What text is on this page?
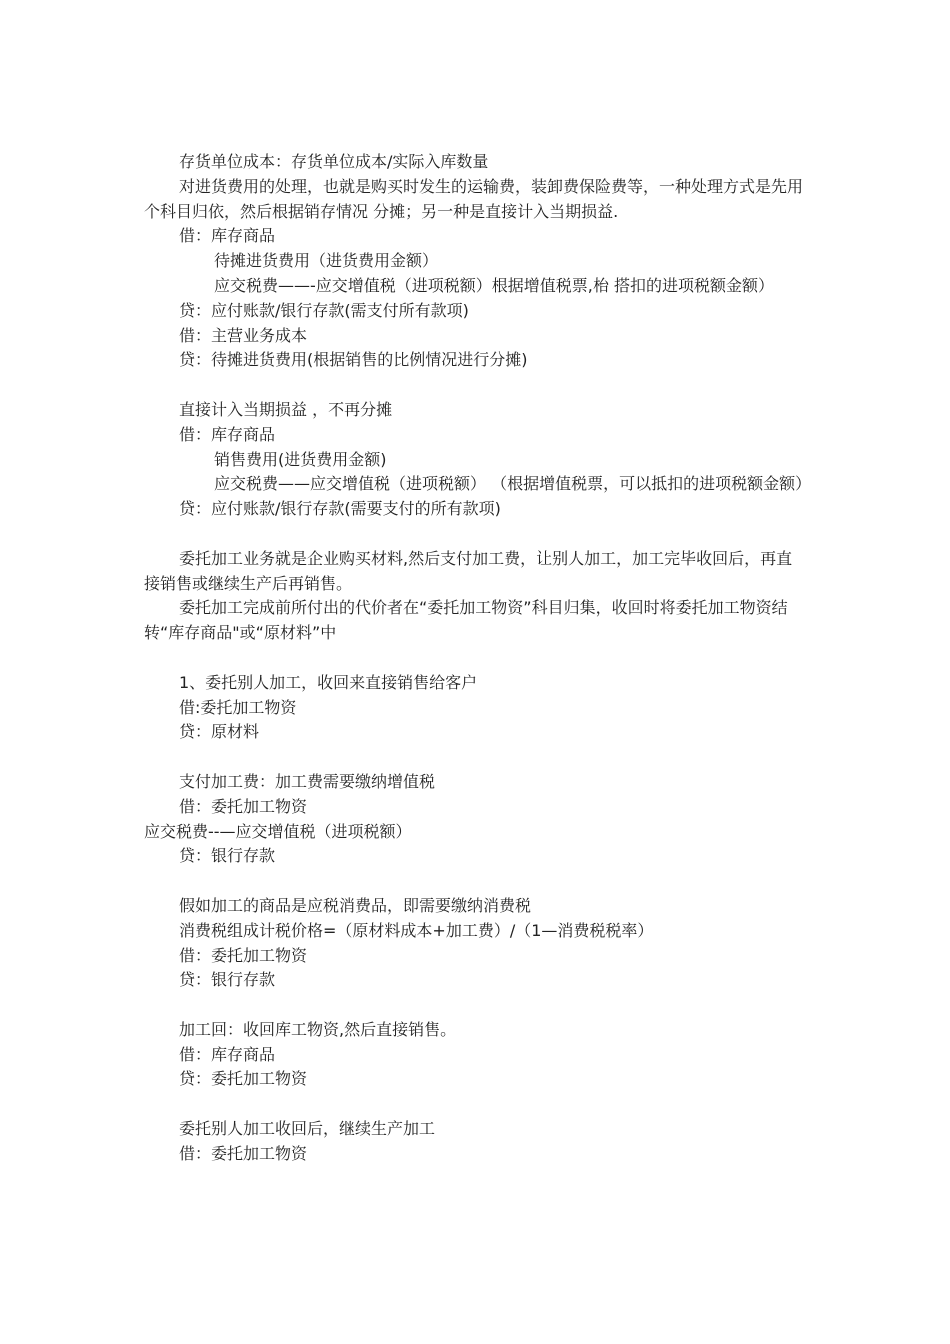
存货单位成本：存货单位成本/实际入库数量
对进货费用的处理，也就是购买时发生的运输费，装卸费保险费等，一种处理方式是先用个科目归依，然后根据销存情况 分摊；另一种是直接计入当期损益.
借：库存商品
待摊进货费用（进货费用金额）
应交税费——-应交增值税（进项税额）根据增值税票,枱 搭扣的进项税额金额）
贷：应付账款/银行存款(需支付所有款项)
借：主营业务成本
贷：待摊进货费用(根据销售的比例情况进行分摊)
直接计入当期损益 ，不再分摊
借：库存商品
销售费用(进货费用金额)
应交税费——应交增值税（进项税额） （根据增值税票，可以抵扣的进项税额金额）
贷：应付账款/银行存款(需要支付的所有款项)
委托加工业务就是企业购买材料,然后支付加工费，让别人加工，加工完毕收回后，再直接销售或继续生产后再销售。
委托加工完成前所付出的代价者在“委托加工物资”科目归集，收回时将委托加工物资结转“库存商品"或“原材料”中
1、委托别人加工，收回来直接销售给客户
借:委托加工物资
贷：原材料
支付加工费：加工费需要缴纳增值税
借：委托加工物资
应交税费--—应交增值税（进项税额）
贷：银行存款
假如加工的商品是应税消费品，即需要缴纳消费税
消费税组成计税价格=（原材料成本+加工费）/（1—消费税税率）
借：委托加工物资
贷：银行存款
加工回：收回库工物资,然后直接销售。
借：库存商品
贷：委托加工物资
委托别人加工收回后，继续生产加工
借：委托加工物资
